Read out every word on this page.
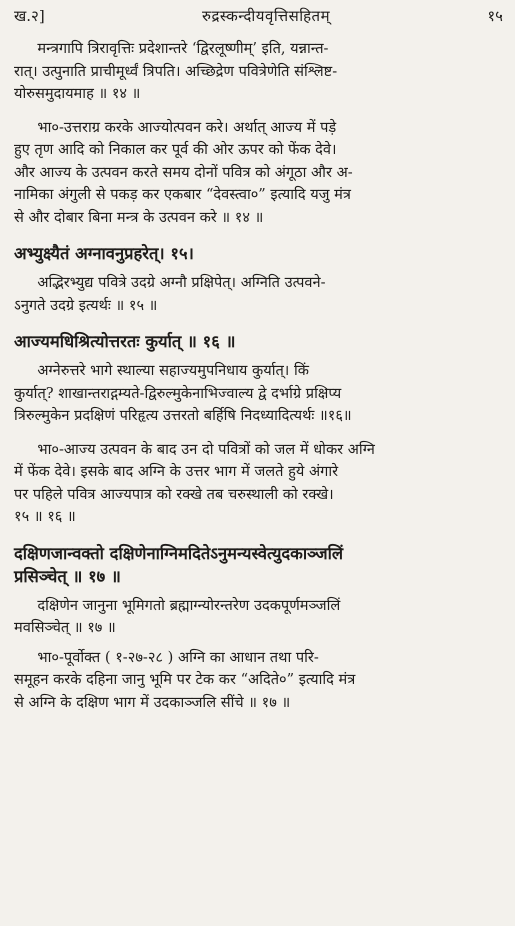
ख.२]	रुद्रस्कन्दीयवृत्तिसहितम्	१५

मन्त्रगापि त्रिरावृत्तिः प्रदेशान्तरे ‘द्विरलूष्णीम्’ इति, यन्नान्त-
रात्। उत्पुनाति प्राचीमूर्ध्वं त्रिपति। अच्छिद्रेण पवित्रेणेति संश्लिष्ट-
योरुसमुदायमाह ॥ १४ ॥

भा०-उत्तराग्र करके आज्योत्पवन करे। अर्थात् आज्य में पड़े
हुए तृण आदि को निकाल कर पूर्व की ओर ऊपर को फेंक देवे।
और आज्य के उत्पवन करते समय दोनों पवित्र को अंगूठा और अ-
नामिका अंगुली से पकड़ कर एकबार “देवस्त्वा०” इत्यादि यजु मंत्र
से और दोबार बिना मन्त्र के उत्पवन करे ॥ १४ ॥

अभ्युक्ष्यैतं अग्नावनुप्रहरेत्। १५।

अद्भिरभ्युद्य पवित्रे उदग्रे अग्नौ प्रक्षिपेत्। अग्निति उत्पवने-
ऽनुगते उदग्रे इत्यर्थः ॥ १५ ॥

आज्यमधिश्रित्योत्तरतः कुर्यात् ॥ १६ ॥

अग्नेरुत्तरे भागे स्थाल्या सहाज्यमुपनिधाय कुर्यात्। किं
कुर्यात्? शाखान्तराद्गम्यते-द्विरुल्मुकेनाभिज्वाल्य द्वे दर्भाग्रे प्रक्षिप्य
त्रिरुल्मुकेन प्रदक्षिणं परिहृत्य उत्तरतो बर्हिषि निदध्यादित्यर्थः ॥१६॥

भा०-आज्य उत्पवन के बाद उन दो पवित्रों को जल में धोकर अग्नि
में फेंक देवे। इसके बाद अग्नि के उत्तर भाग में जलते हुये अंगारे
पर पहिले पवित्र आज्यपात्र को रक्खे तब चरुस्थाली को रक्खे।
१५ ॥ १६ ॥

दक्षिणजान्वक्तो दक्षिणेनाग्निमदितेऽनुमन्यस्वेत्युदकाञ्जलिं
प्रसिञ्चेत् ॥ १७ ॥

दक्षिणेन जानुना भूमिगतो ब्रह्माग्न्योरन्तरेण उदकपूर्णमञ्जलिं
मवसिञ्चेत् ॥ १७ ॥

भा०-पूर्वोक्त ( १-२७-२८ ) अग्नि का आधान तथा परि-
समूहन करके दहिना जानु भूमि पर टेक कर “अदिते०” इत्यादि मंत्र
से अग्नि के दक्षिण भाग में उदकाञ्जलि सींचे ॥ १७ ॥
